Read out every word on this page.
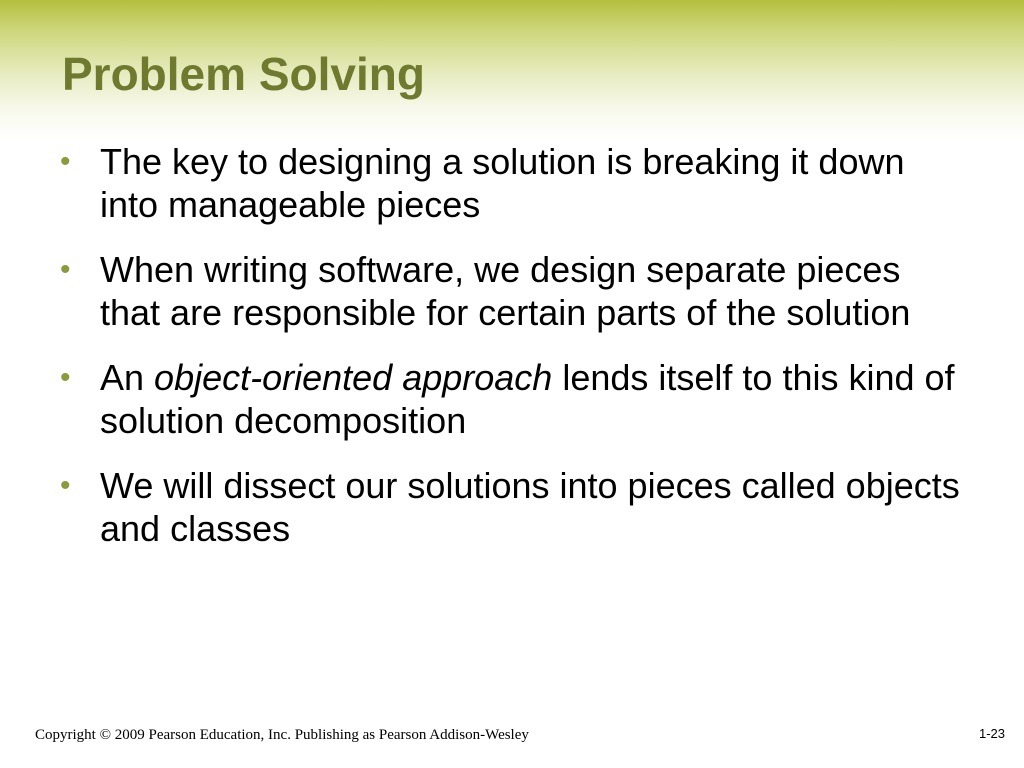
Problem Solving
• The key to designing a solution is breaking it down into manageable pieces
• When writing software, we design separate pieces that are responsible for certain parts of the solution
• An object-oriented approach lends itself to this kind of solution decomposition
• We will dissect our solutions into pieces called objects and classes
Copyright © 2009 Pearson Education, Inc. Publishing as Pearson Addison-Wesley	1-23
